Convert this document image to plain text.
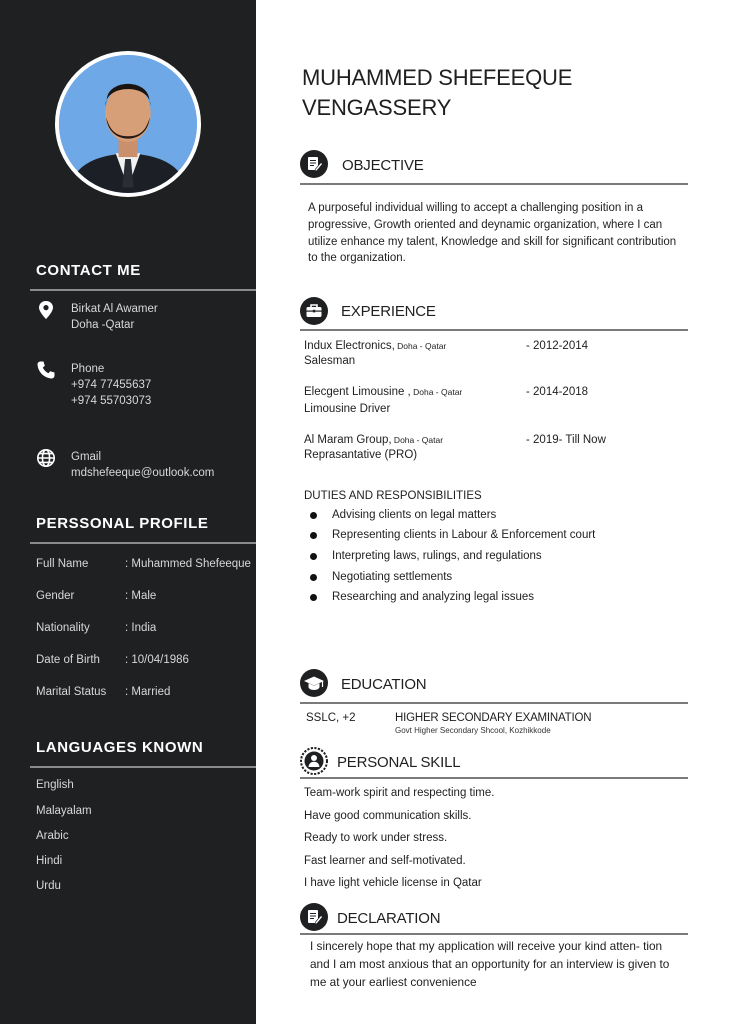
CONTACT ME
Birkat Al Awamer
Doha -Qatar
Phone
+974 77455637
+974 55703073
Gmail
mdshefeeque@outlook.com
PERSSONAL PROFILE
Full Name	: Muhammed Shefeeque
Gender	: Male
Nationality	: India
Date of Birth	: 10/04/1986
Marital Status	: Married
LANGUAGES KNOWN
English
Malayalam
Arabic
Hindi
Urdu
MUHAMMED SHEFEEQUE
VENGASSERY
OBJECTIVE
A purposeful individual willing to accept a challenging position in a progressive, Growth oriented and deynamic organization, where I can utilize enhance my talent, Knowledge and skill for significant contribution to the organization.
EXPERIENCE
Indux Electronics, Doha - Qatar
Salesman
- 2012-2014
Elecgent Limousine , Doha - Qatar
Limousine Driver
- 2014-2018
Al Maram Group, Doha - Qatar
Reprasantative (PRO)
- 2019- Till Now
DUTIES AND RESPONSIBILITIES
Advising clients on legal matters
Representing clients in Labour & Enforcement court
Interpreting laws, rulings, and regulations
Negotiating settlements
Researching and analyzing legal issues
EDUCATION
SSLC, +2	HIGHER SECONDARY EXAMINATION
Govt Higher Secondary Shcool, Kozhikkode
PERSONAL SKILL
Team-work spirit and respecting time.
Have good communication skills.
Ready to work under stress.
Fast learner and self-motivated.
I have light vehicle license in Qatar
DECLARATION
I sincerely hope that my application will receive your kind atten- tion and I am most anxious that an opportunity for an interview is given to me at your earliest convenience
